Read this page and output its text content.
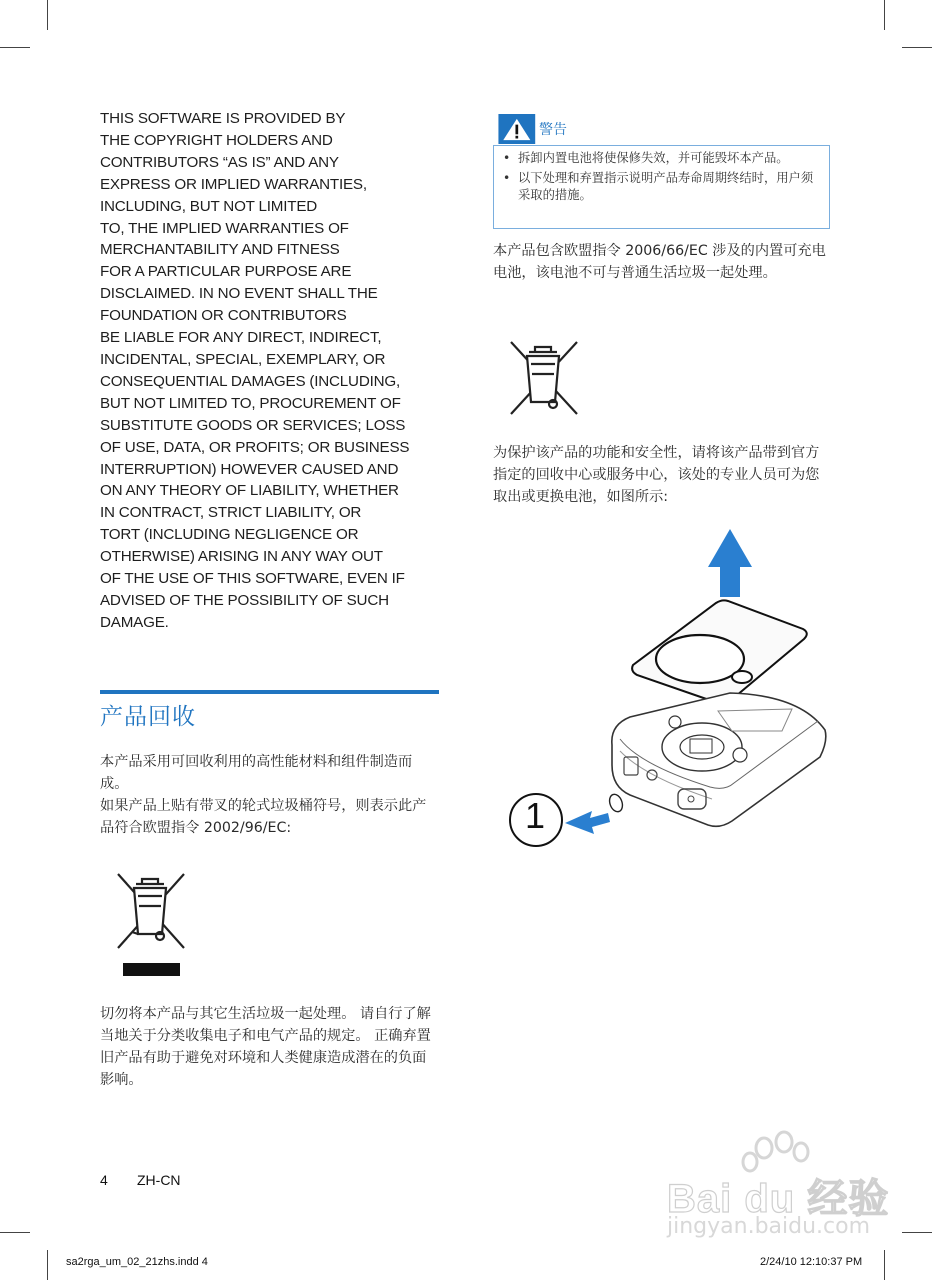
THIS SOFTWARE IS PROVIDED BY
THE COPYRIGHT HOLDERS AND
CONTRIBUTORS “AS IS” AND ANY
EXPRESS OR IMPLIED WARRANTIES,
INCLUDING, BUT NOT LIMITED
TO, THE IMPLIED WARRANTIES OF
MERCHANTABILITY AND FITNESS
FOR A PARTICULAR PURPOSE ARE
DISCLAIMED. IN NO EVENT SHALL THE
FOUNDATION OR CONTRIBUTORS
BE LIABLE FOR ANY DIRECT, INDIRECT,
INCIDENTAL, SPECIAL, EXEMPLARY, OR
CONSEQUENTIAL DAMAGES (INCLUDING,
BUT NOT LIMITED TO, PROCUREMENT OF
SUBSTITUTE GOODS OR SERVICES; LOSS
OF USE, DATA, OR PROFITS; OR BUSINESS
INTERRUPTION) HOWEVER CAUSED AND
ON ANY THEORY OF LIABILITY, WHETHER
IN CONTRACT, STRICT LIABILITY, OR
TORT (INCLUDING NEGLIGENCE OR
OTHERWISE) ARISING IN ANY WAY OUT
OF THE USE OF THIS SOFTWARE, EVEN IF
ADVISED OF THE POSSIBILITY OF SUCH
DAMAGE.
产品回收

本产品采用可回收利用的高性能材料和组件制造而成。

如果产品上贴有带叉的轮式垃圾桶符号，则表示此产品符合欧盟指令 2002/96/EC:

切勿将本产品与其它生活垃圾一起处理。 请自行了解当地关于分类收集电子和电气产品的规定。 正确弃置旧产品有助于避免对环境和人类健康造成潜在的负面影响。

警告
• 拆卸内置电池将使保修失效，并可能毁坏本产品。
• 以下处理和弃置指示说明产品寿命周期终结时，用户须采取的措施。

本产品包含欧盟指令 2006/66/EC 涉及的内置可充电电池，该电池不可与普通生活垃圾一起处理。

为保护该产品的功能和安全性，请将该产品带到官方指定的回收中心或服务中心，该处的专业人员可为您取出或更换电池，如图所示:

1
4 ZH-CN
sa2rga_um_02_21zhs.indd 4	2/24/10 12:10:37 PM
Bai du 经验
jingyan.baidu.com
